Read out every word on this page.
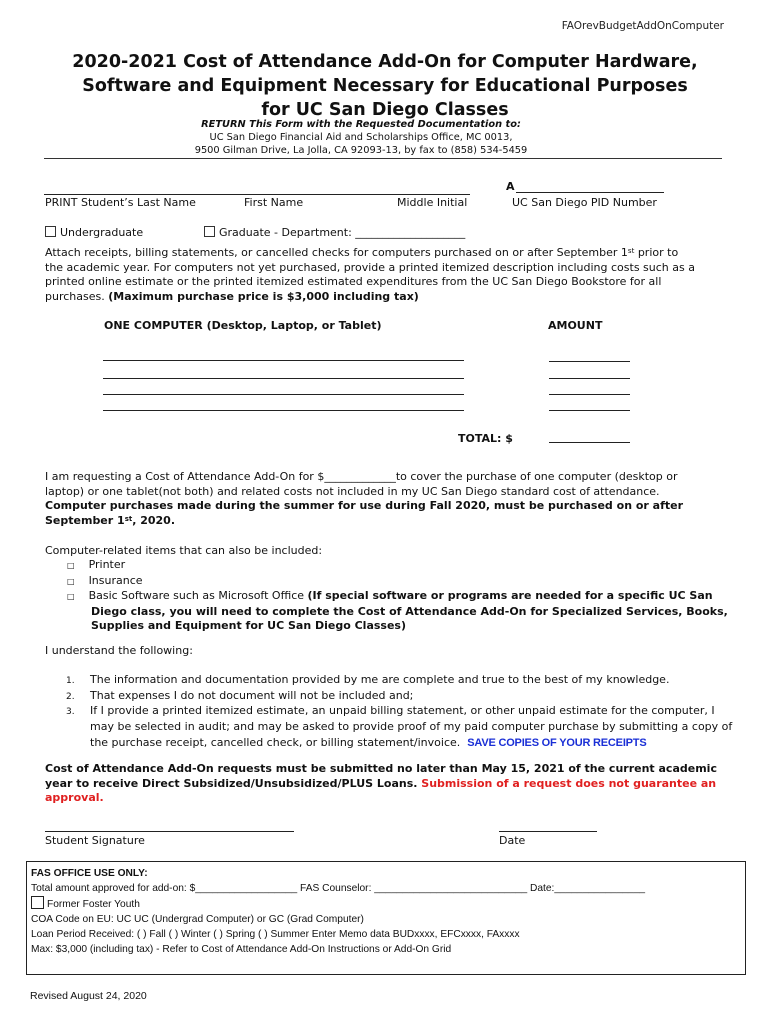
FAOrevBudgetAddOnComputer
2020-2021 Cost of Attendance Add-On for Computer Hardware,
Software and Equipment Necessary for Educational Purposes
for UC San Diego Classes
RETURN This Form with the Requested Documentation to:
UC San Diego Financial Aid and Scholarships Office, MC 0013,
9500 Gilman Drive, La Jolla, CA 92093-13, by fax to (858) 534-5459
A
PRINT Student’s Last Name	First Name	Middle Initial	UC San Diego PID Number
Undergraduate	Graduate - Department: ____________________
Attach receipts, billing statements, or cancelled checks for computers purchased on or after September 1st prior to
the academic year. For computers not yet purchased, provide a printed itemized description including costs such as a
printed online estimate or the printed itemized estimated expenditures from the UC San Diego Bookstore for all
purchases. (Maximum purchase price is $3,000 including tax)
ONE COMPUTER (Desktop, Laptop, or Tablet)	AMOUNT
TOTAL: $
I am requesting a Cost of Attendance Add-On for $_____________to cover the purchase of one computer (desktop or
laptop) or one tablet(not both) and related costs not included in my UC San Diego standard cost of attendance.
Computer purchases made during the summer for use during Fall 2020, must be purchased on or after
September 1st, 2020.
Computer-related items that can also be included:
□ Printer
□ Insurance
□ Basic Software such as Microsoft Office (If special software or programs are needed for a specific UC San
Diego class, you will need to complete the Cost of Attendance Add-On for Specialized Services, Books,
Supplies and Equipment for UC San Diego Classes)
I understand the following:
1. The information and documentation provided by me are complete and true to the best of my knowledge.
2. That expenses I do not document will not be included and;
3. If I provide a printed itemized estimate, an unpaid billing statement, or other unpaid estimate for the computer, I
may be selected in audit; and may be asked to provide proof of my paid computer purchase by submitting a copy of
the purchase receipt, cancelled check, or billing statement/invoice. SAVE COPIES OF YOUR RECEIPTS
Cost of Attendance Add-On requests must be submitted no later than May 15, 2021 of the current academic
year to receive Direct Subsidized/Unsubsidized/PLUS Loans. Submission of a request does not guarantee an
approval.
Student Signature	Date
FAS OFFICE USE ONLY:
Total amount approved for add-on: $__________________ FAS Counselor: ___________________________ Date:________________
Former Foster Youth
COA Code on EU: UC UC (Undergrad Computer) or GC (Grad Computer)
Loan Period Received: ( ) Fall ( ) Winter ( ) Spring ( ) Summer Enter Memo data BUDxxxx, EFCxxxx, FAxxxx
Max: $3,000 (including tax) - Refer to Cost of Attendance Add-On Instructions or Add-On Grid
Revised August 24, 2020
